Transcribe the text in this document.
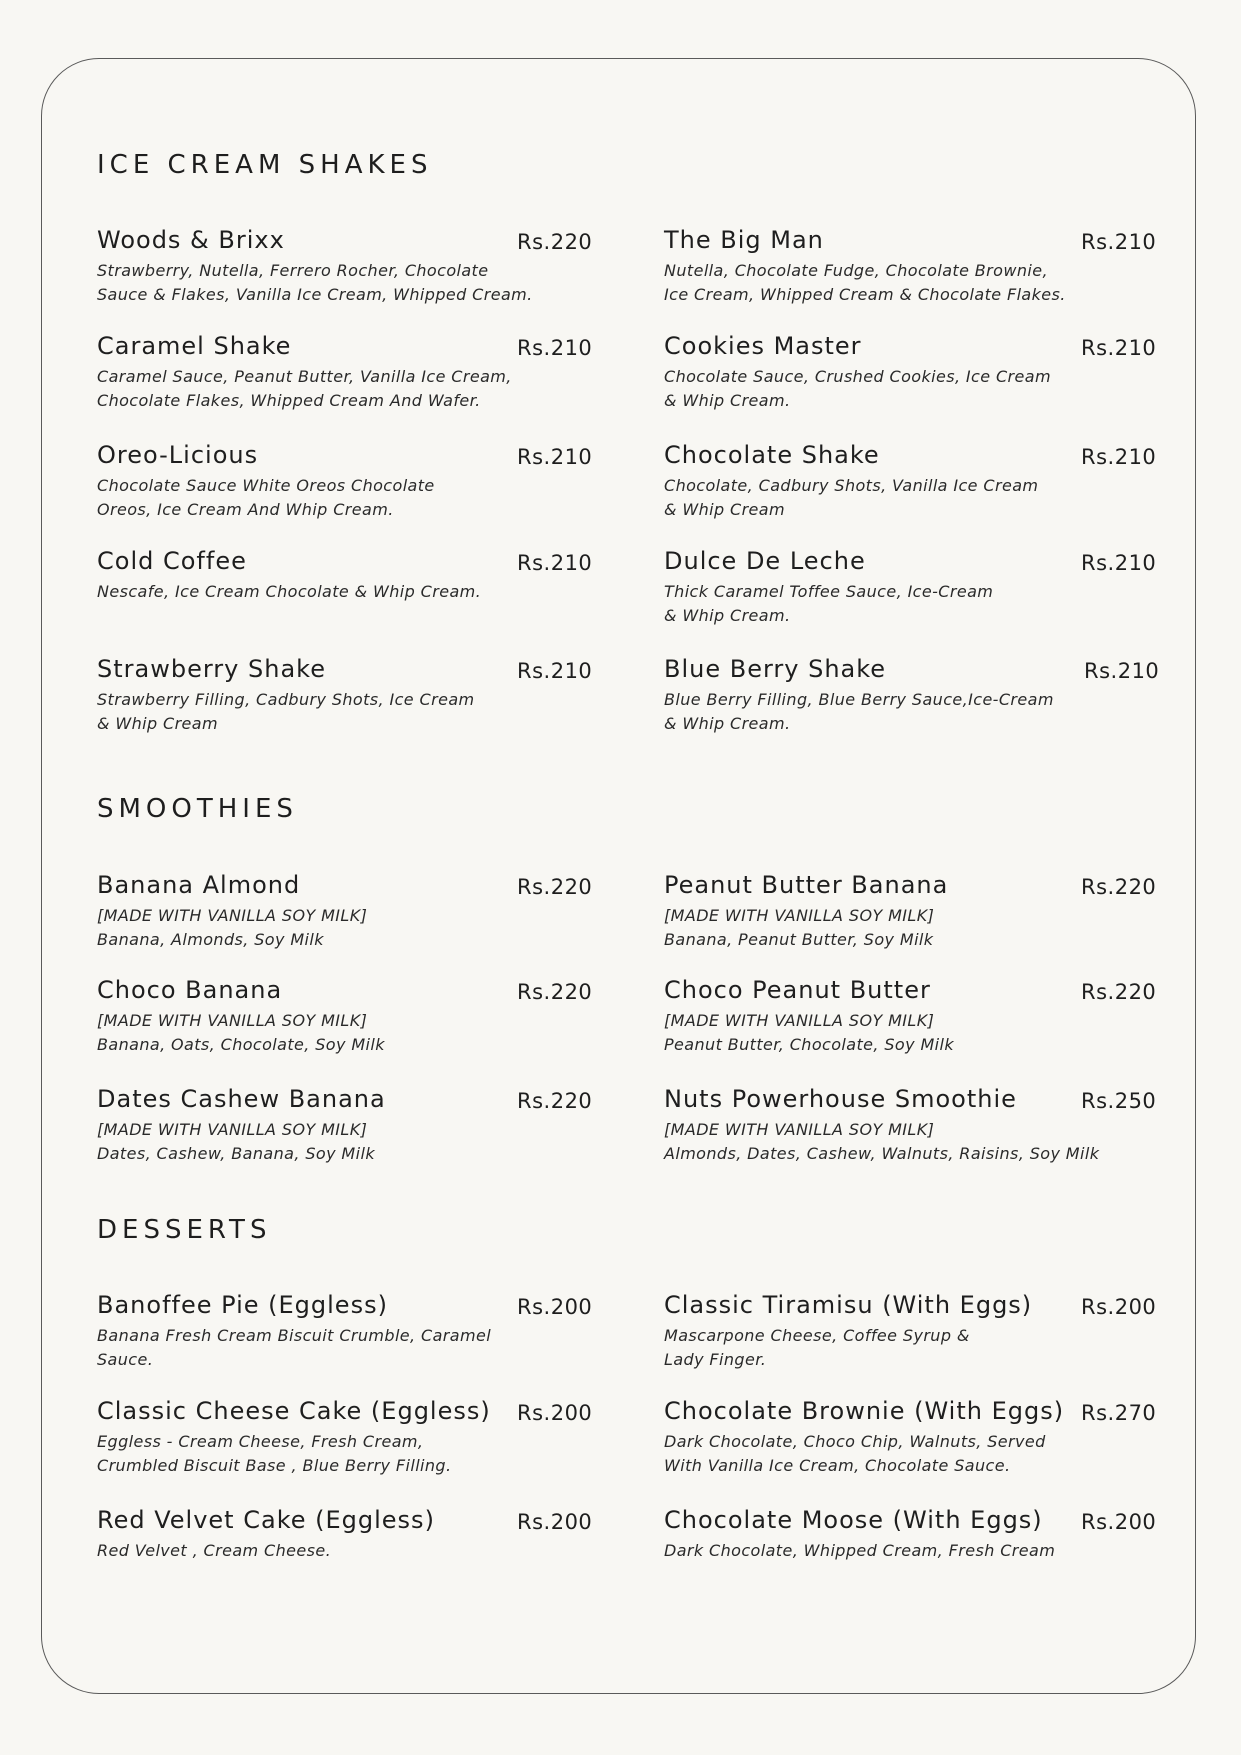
ICE CREAM SHAKES
Woods & Brixx	Rs.220
Strawberry, Nutella, Ferrero Rocher, Chocolate
Sauce & Flakes, Vanilla Ice Cream, Whipped Cream.
The Big Man	Rs.210
Nutella, Chocolate Fudge, Chocolate Brownie,
Ice Cream, Whipped Cream & Chocolate Flakes.
Caramel Shake	Rs.210
Caramel Sauce, Peanut Butter, Vanilla Ice Cream,
Chocolate Flakes, Whipped Cream And Wafer.
Cookies Master	Rs.210
Chocolate Sauce, Crushed Cookies, Ice Cream
& Whip Cream.
Oreo-Licious	Rs.210
Chocolate Sauce White Oreos Chocolate
Oreos, Ice Cream And Whip Cream.
Chocolate Shake	Rs.210
Chocolate, Cadbury Shots, Vanilla Ice Cream
& Whip Cream
Cold Coffee	Rs.210
Nescafe, Ice Cream Chocolate & Whip Cream.
Dulce De Leche	Rs.210
Thick Caramel Toffee Sauce, Ice-Cream
& Whip Cream.
Strawberry Shake	Rs.210
Strawberry Filling, Cadbury Shots, Ice Cream
& Whip Cream
Blue Berry Shake	Rs.210
Blue Berry Filling, Blue Berry Sauce,Ice-Cream
& Whip Cream.
SMOOTHIES
Banana Almond	Rs.220
[MADE WITH VANILLA SOY MILK]
Banana, Almonds, Soy Milk
Peanut Butter Banana	Rs.220
[MADE WITH VANILLA SOY MILK]
Banana, Peanut Butter, Soy Milk
Choco Banana	Rs.220
[MADE WITH VANILLA SOY MILK]
Banana, Oats, Chocolate, Soy Milk
Choco Peanut Butter	Rs.220
[MADE WITH VANILLA SOY MILK]
Peanut Butter, Chocolate, Soy Milk
Dates Cashew Banana	Rs.220
[MADE WITH VANILLA SOY MILK]
Dates, Cashew, Banana, Soy Milk
Nuts Powerhouse Smoothie	Rs.250
[MADE WITH VANILLA SOY MILK]
Almonds, Dates, Cashew, Walnuts, Raisins, Soy Milk
DESSERTS
Banoffee Pie (Eggless)	Rs.200
Banana Fresh Cream Biscuit Crumble, Caramel
Sauce.
Classic Tiramisu (With Eggs)	Rs.200
Mascarpone Cheese, Coffee Syrup &
Lady Finger.
Classic Cheese Cake (Eggless)	Rs.200
Eggless - Cream Cheese, Fresh Cream,
Crumbled Biscuit Base , Blue Berry Filling.
Chocolate Brownie (With Eggs) Rs.270
Dark Chocolate, Choco Chip, Walnuts, Served
With Vanilla Ice Cream, Chocolate Sauce.
Red Velvet Cake (Eggless)	Rs.200
Red Velvet , Cream Cheese.
Chocolate Moose (With Eggs)	Rs.200
Dark Chocolate, Whipped Cream, Fresh Cream
